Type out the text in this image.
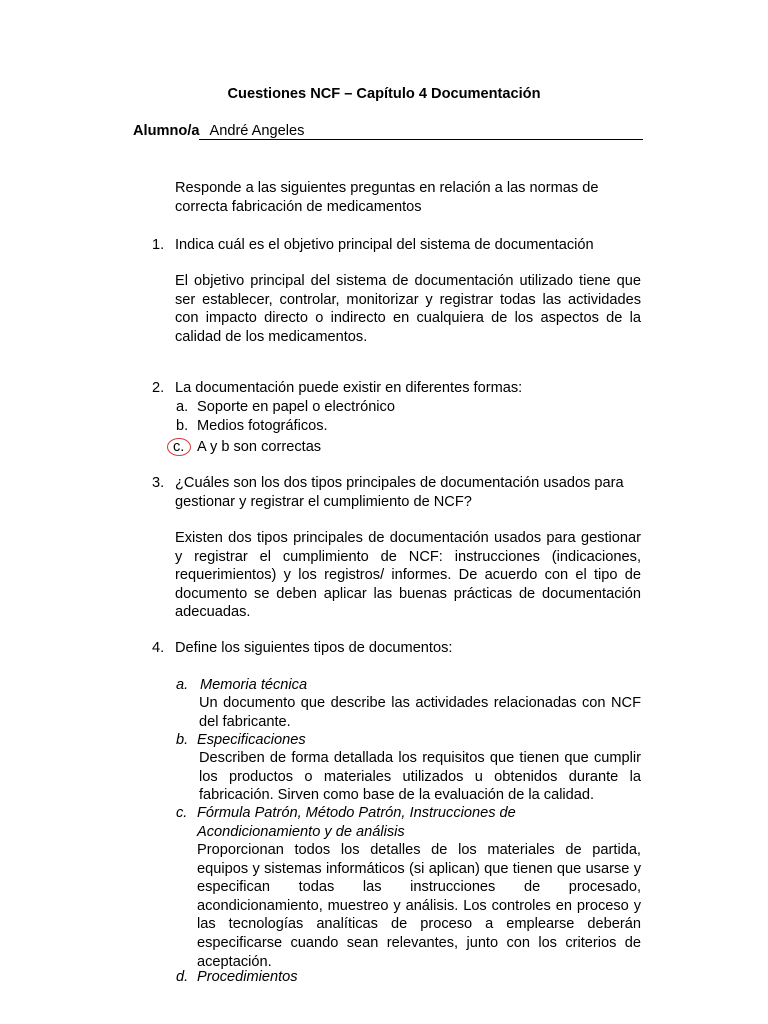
Cuestiones NCF – Capítulo 4 Documentación
Alumno/a André Angeles
Responde a las siguientes preguntas en relación a las normas de correcta fabricación de medicamentos
1. Indica cuál es el objetivo principal del sistema de documentación
El objetivo principal del sistema de documentación utilizado tiene que ser establecer, controlar, monitorizar y registrar todas las actividades con impacto directo o indirecto en cualquiera de los aspectos de la calidad de los medicamentos.
2. La documentación puede existir en diferentes formas:
a. Soporte en papel o electrónico
b. Medios fotográficos.
c. A y b son correctas
3. ¿Cuáles son los dos tipos principales de documentación usados para gestionar y registrar el cumplimiento de NCF?
Existen dos tipos principales de documentación usados para gestionar y registrar el cumplimiento de NCF: instrucciones (indicaciones, requerimientos) y los registros/ informes. De acuerdo con el tipo de documento se deben aplicar las buenas prácticas de documentación adecuadas.
4. Define los siguientes tipos de documentos:
a. Memoria técnica
Un documento que describe las actividades relacionadas con NCF del fabricante.
b. Especificaciones
Describen de forma detallada los requisitos que tienen que cumplir los productos o materiales utilizados u obtenidos durante la fabricación. Sirven como base de la evaluación de la calidad.
c. Fórmula Patrón, Método Patrón, Instrucciones de Acondicionamiento y de análisis
Proporcionan todos los detalles de los materiales de partida, equipos y sistemas informáticos (si aplican) que tienen que usarse y especifican todas las instrucciones de procesado, acondicionamiento, muestreo y análisis. Los controles en proceso y las tecnologías analíticas de proceso a emplearse deberán especificarse cuando sean relevantes, junto con los criterios de aceptación.
d. Procedimientos
